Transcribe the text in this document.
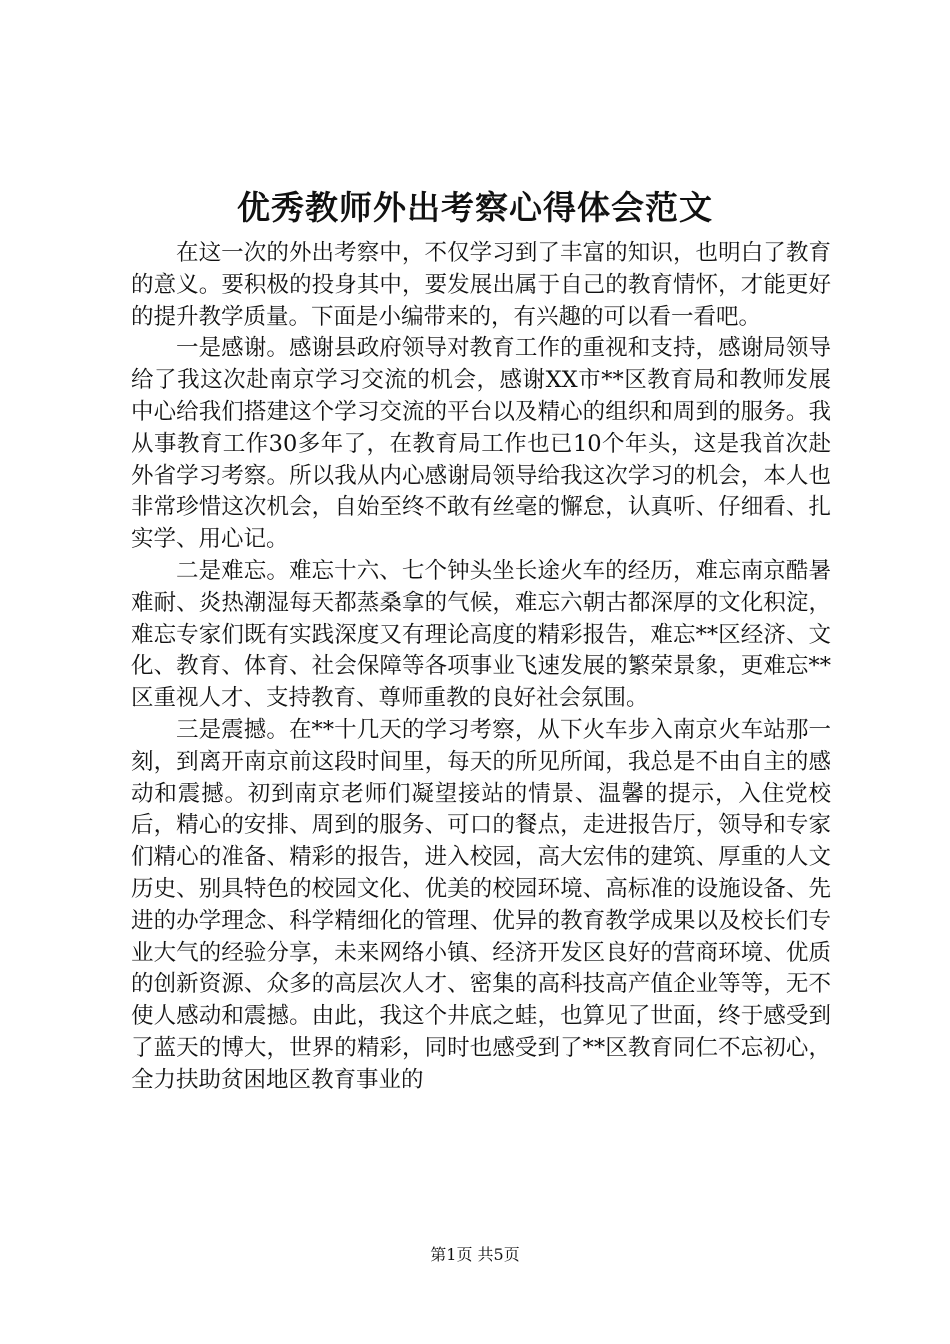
优秀教师外出考察心得体会范文

在这一次的外出考察中，不仅学习到了丰富的知识，也明白了教育的意义。要积极的投身其中，要发展出属于自己的教育情怀，才能更好的提升教学质量。下面是小编带来的，有兴趣的可以看一看吧。

一是感谢。感谢县政府领导对教育工作的重视和支持，感谢局领导给了我这次赴南京学习交流的机会，感谢XX市**区教育局和教师发展中心给我们搭建这个学习交流的平台以及精心的组织和周到的服务。我从事教育工作30多年了，在教育局工作也已10个年头，这是我首次赴外省学习考察。所以我从内心感谢局领导给我这次学习的机会，本人也非常珍惜这次机会，自始至终不敢有丝毫的懈怠，认真听、仔细看、扎实学、用心记。

二是难忘。难忘十六、七个钟头坐长途火车的经历，难忘南京酷暑难耐、炎热潮湿每天都蒸桑拿的气候，难忘六朝古都深厚的文化积淀，难忘专家们既有实践深度又有理论高度的精彩报告，难忘**区经济、文化、教育、体育、社会保障等各项事业飞速发展的繁荣景象，更难忘**区重视人才、支持教育、尊师重教的良好社会氛围。

三是震撼。在**十几天的学习考察，从下火车步入南京火车站那一刻，到离开南京前这段时间里，每天的所见所闻，我总是不由自主的感动和震撼。初到南京老师们凝望接站的情景、温馨的提示，入住党校后，精心的安排、周到的服务、可口的餐点，走进报告厅，领导和专家们精心的准备、精彩的报告，进入校园，高大宏伟的建筑、厚重的人文历史、别具特色的校园文化、优美的校园环境、高标准的设施设备、先进的办学理念、科学精细化的管理、优异的教育教学成果以及校长们专业大气的经验分享，未来网络小镇、经济开发区良好的营商环境、优质的创新资源、众多的高层次人才、密集的高科技高产值企业等等，无不使人感动和震撼。由此，我这个井底之蛙，也算见了世面，终于感受到了蓝天的博大，世界的精彩，同时也感受到了**区教育同仁不忘初心，全力扶助贫困地区教育事业的

第1页 共5页
